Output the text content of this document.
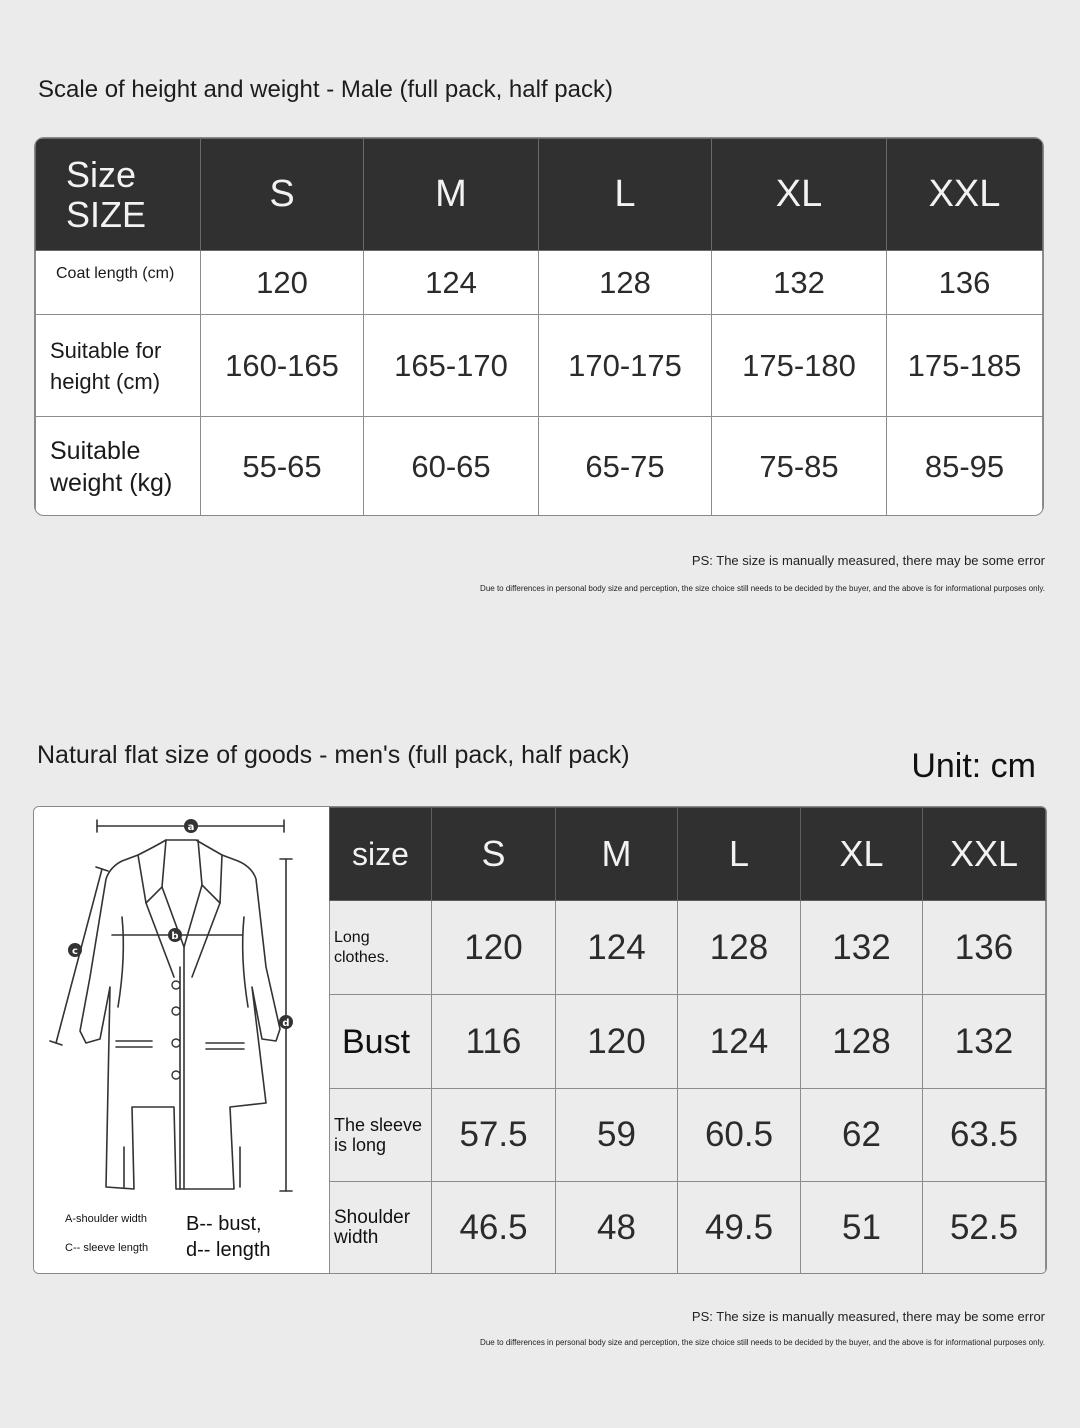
Scale of height and weight - Male (full pack, half pack)
Size
SIZE	S	M	L	XL	XXL
Coat length (cm)	120	124	128	132	136

Suitable for
height (cm)	160-165	165-170	170-175	175-180	175-185

Suitable
weight (kg)	55-65	60-65	65-75	75-85	85-95
PS: The size is manually measured, there may be some error
Due to differences in personal body size and perception, the size choice still needs to be decided by the buyer, and the above is for informational purposes only.
Natural flat size of goods - men's (full pack, half pack)	Unit: cm
a
b
c
d
A-shoulder width
C-- sleeve length
B-- bust,
d-- length
size	S	M	L	XL	XXL

Long
clothes.	120	124	128	132	136
Bust	116	120	124	128	132

The sleeve
is long	57.5	59	60.5	62	63.5

Shoulder
width	46.5	48	49.5	51	52.5
PS: The size is manually measured, there may be some error
Due to differences in personal body size and perception, the size choice still needs to be decided by the buyer, and the above is for informational purposes only.
